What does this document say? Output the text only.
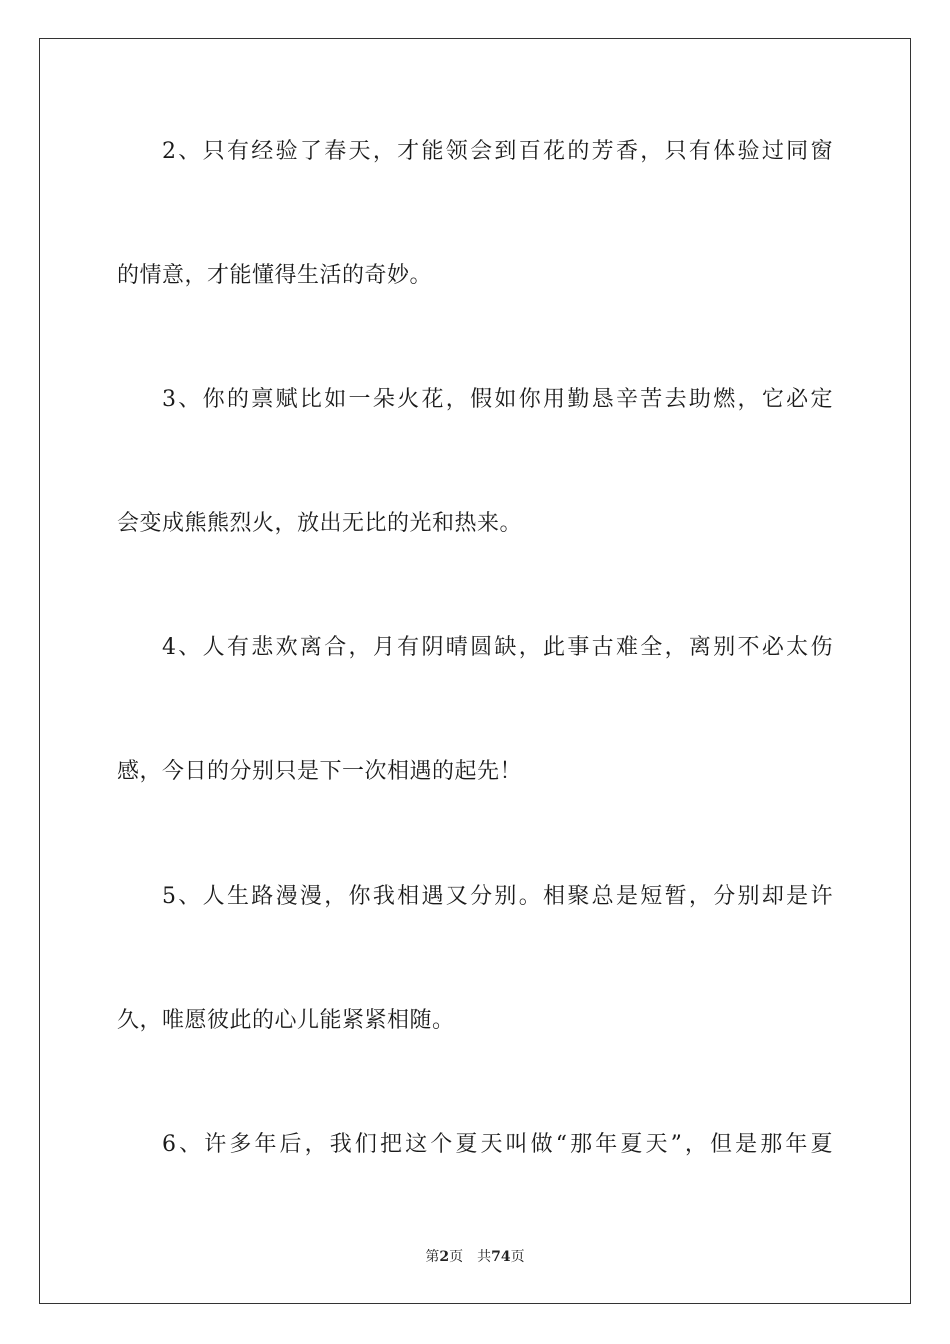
2、只有经验了春天，才能领会到百花的芳香，只有体验过同窗
的情意，才能懂得生活的奇妙。
3、你的禀赋比如一朵火花，假如你用勤恳辛苦去助燃，它必定
会变成熊熊烈火，放出无比的光和热来。
4、人有悲欢离合，月有阴晴圆缺，此事古难全，离别不必太伤
感，今日的分别只是下一次相遇的起先！
5、人生路漫漫，你我相遇又分别。相聚总是短暂，分别却是许
久，唯愿彼此的心儿能紧紧相随。
6、许多年后，我们把这个夏天叫做“那年夏天”，但是那年夏
第2页 共74页
